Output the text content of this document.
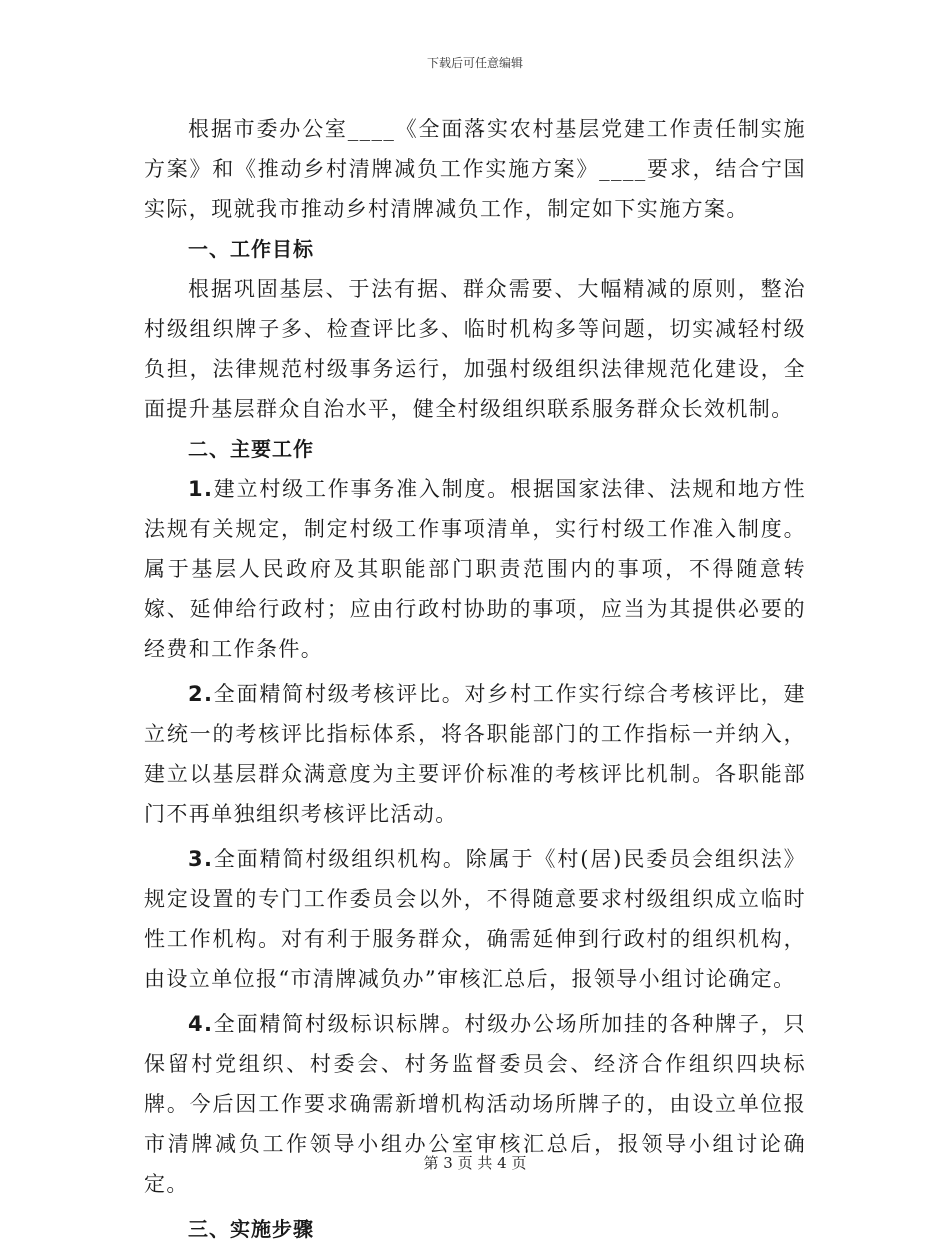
下载后可任意编辑

根据市委办公室____《全面落实农村基层党建工作责任制实施方案》和《推动乡村清牌减负工作实施方案》____要求，结合宁国实际，现就我市推动乡村清牌减负工作，制定如下实施方案。

一、工作目标

根据巩固基层、于法有据、群众需要、大幅精减的原则，整治村级组织牌子多、检查评比多、临时机构多等问题，切实减轻村级负担，法律规范村级事务运行，加强村级组织法律规范化建设，全面提升基层群众自治水平，健全村级组织联系服务群众长效机制。

二、主要工作

1.建立村级工作事务准入制度。根据国家法律、法规和地方性法规有关规定，制定村级工作事项清单，实行村级工作准入制度。属于基层人民政府及其职能部门职责范围内的事项，不得随意转嫁、延伸给行政村；应由行政村协助的事项，应当为其提供必要的经费和工作条件。

2.全面精简村级考核评比。对乡村工作实行综合考核评比，建立统一的考核评比指标体系，将各职能部门的工作指标一并纳入，建立以基层群众满意度为主要评价标准的考核评比机制。各职能部门不再单独组织考核评比活动。

3.全面精简村级组织机构。除属于《村(居)民委员会组织法》规定设置的专门工作委员会以外，不得随意要求村级组织成立临时性工作机构。对有利于服务群众，确需延伸到行政村的组织机构，由设立单位报“市清牌减负办”审核汇总后，报领导小组讨论确定。

4.全面精简村级标识标牌。村级办公场所加挂的各种牌子，只保留村党组织、村委会、村务监督委员会、经济合作组织四块标牌。今后因工作要求确需新增机构活动场所牌子的，由设立单位报市清牌减负工作领导小组办公室审核汇总后，报领导小组讨论确定。

三、实施步骤

第 3 页 共 4 页
